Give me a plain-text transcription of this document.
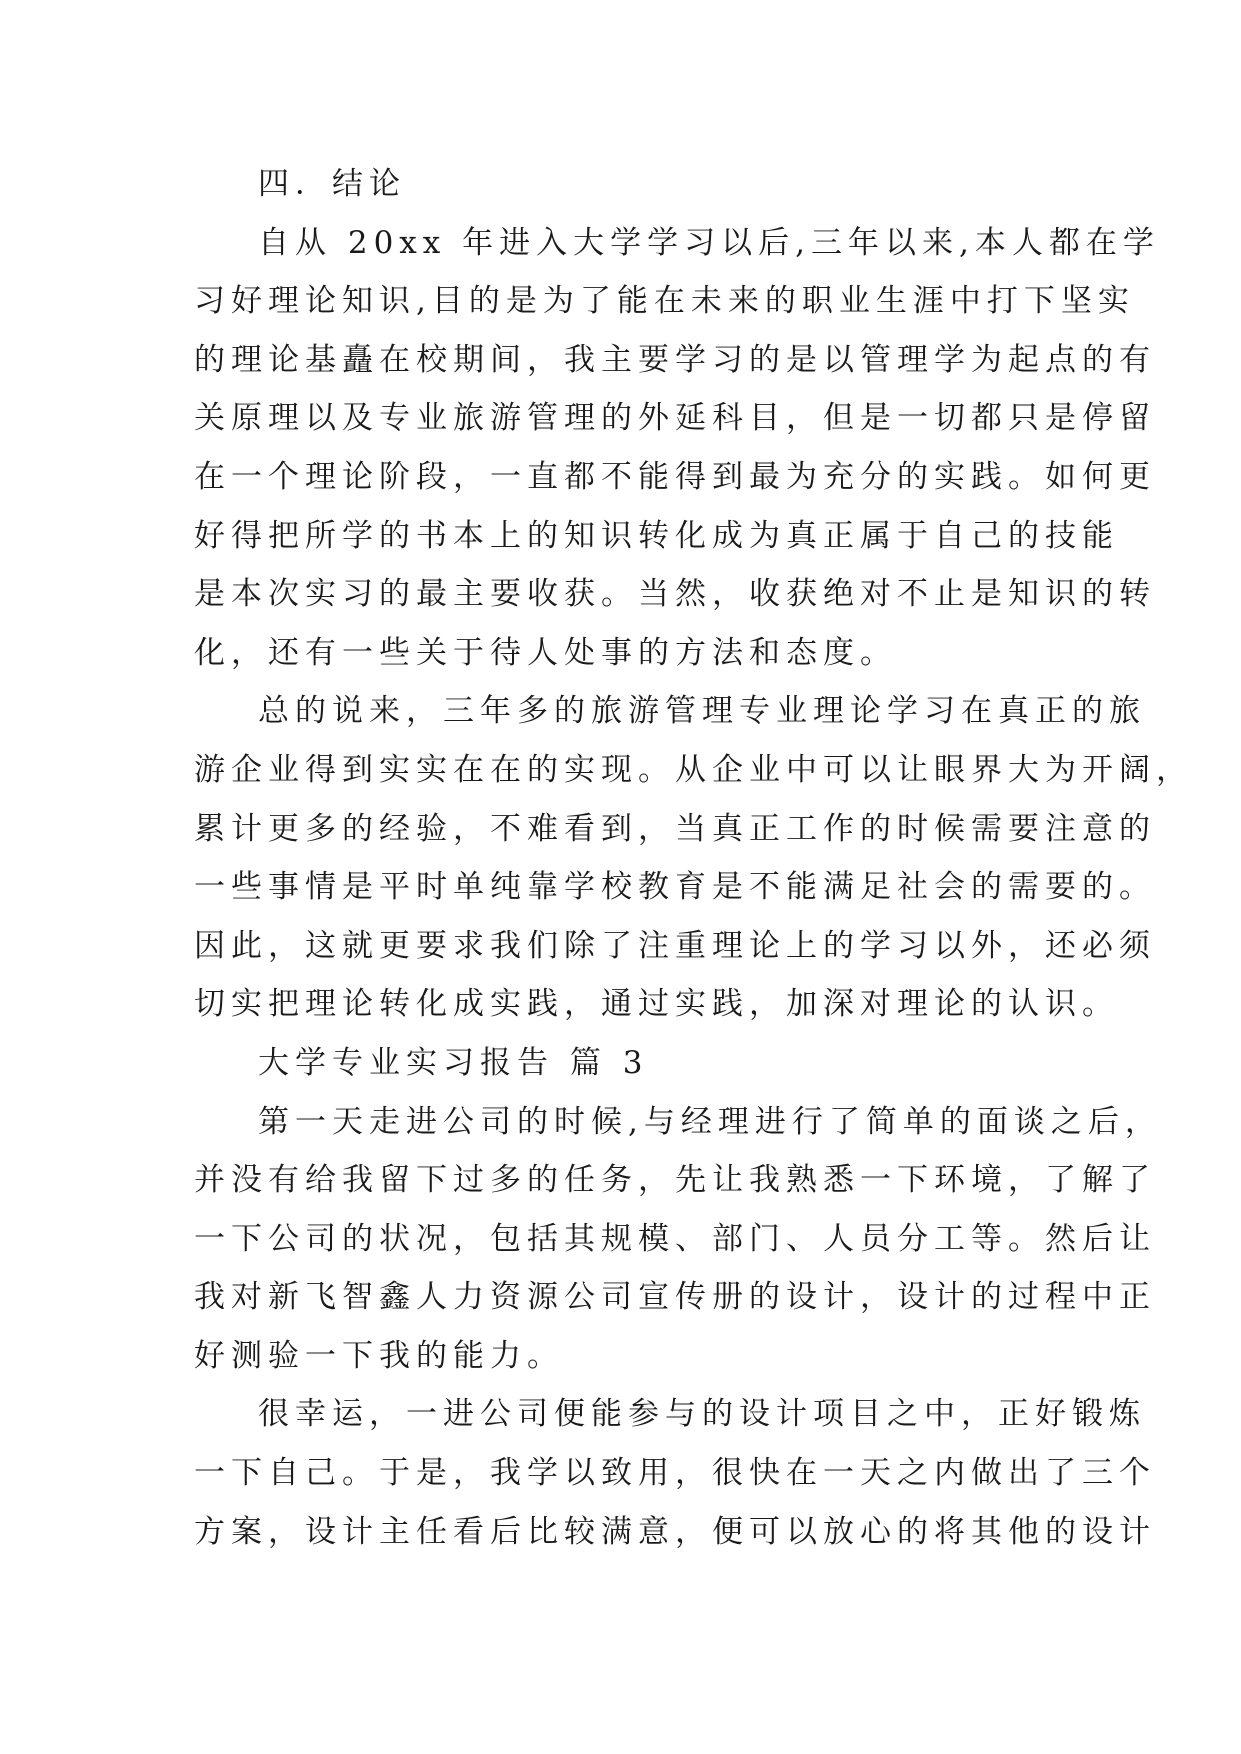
四．结论
自从 20xx 年进入大学学习以后,三年以来,本人都在学
习好理论知识,目的是为了能在未来的职业生涯中打下坚实
的理论基矗在校期间，我主要学习的是以管理学为起点的有
关原理以及专业旅游管理的外延科目，但是一切都只是停留
在一个理论阶段，一直都不能得到最为充分的实践。如何更
好得把所学的书本上的知识转化成为真正属于自己的技能
是本次实习的最主要收获。当然，收获绝对不止是知识的转
化，还有一些关于待人处事的方法和态度。
总的说来，三年多的旅游管理专业理论学习在真正的旅
游企业得到实实在在的实现。从企业中可以让眼界大为开阔，
累计更多的经验，不难看到，当真正工作的时候需要注意的
一些事情是平时单纯靠学校教育是不能满足社会的需要的。
因此，这就更要求我们除了注重理论上的学习以外，还必须
切实把理论转化成实践，通过实践，加深对理论的认识。
大学专业实习报告 篇 3
第一天走进公司的时候,与经理进行了简单的面谈之后，
并没有给我留下过多的任务，先让我熟悉一下环境，了解了
一下公司的状况，包括其规模、部门、人员分工等。然后让
我对新飞智鑫人力资源公司宣传册的设计，设计的过程中正
好测验一下我的能力。
很幸运，一进公司便能参与的设计项目之中，正好锻炼
一下自己。于是，我学以致用，很快在一天之内做出了三个
方案，设计主任看后比较满意，便可以放心的将其他的设计
